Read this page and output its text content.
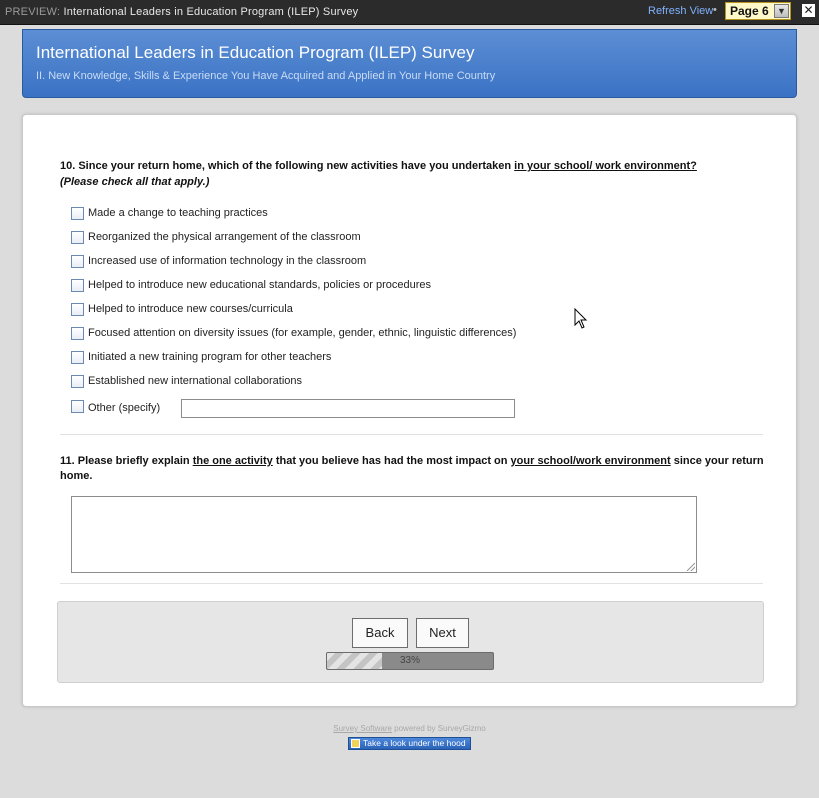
PREVIEW: International Leaders in Education Program (ILEP) Survey	Refresh View •	Page 6 ▼ ✕
International Leaders in Education Program (ILEP) Survey
II. New Knowledge, Skills & Experience You Have Acquired and Applied in Your Home Country
10. Since your return home, which of the following new activities have you undertaken in your school/ work environment?
(Please check all that apply.)
Made a change to teaching practices
Reorganized the physical arrangement of the classroom
Increased use of information technology in the classroom
Helped to introduce new educational standards, policies or procedures
Helped to introduce new courses/curricula
Focused attention on diversity issues (for example, gender, ethnic, linguistic differences)
Initiated a new training program for other teachers
Established new international collaborations
Other (specify)
11. Please briefly explain the one activity that you believe has had the most impact on your school/work environment since your return home.
Back	Next
33%
Survey Software powered by SurveyGizmo
Take a look under the hood
